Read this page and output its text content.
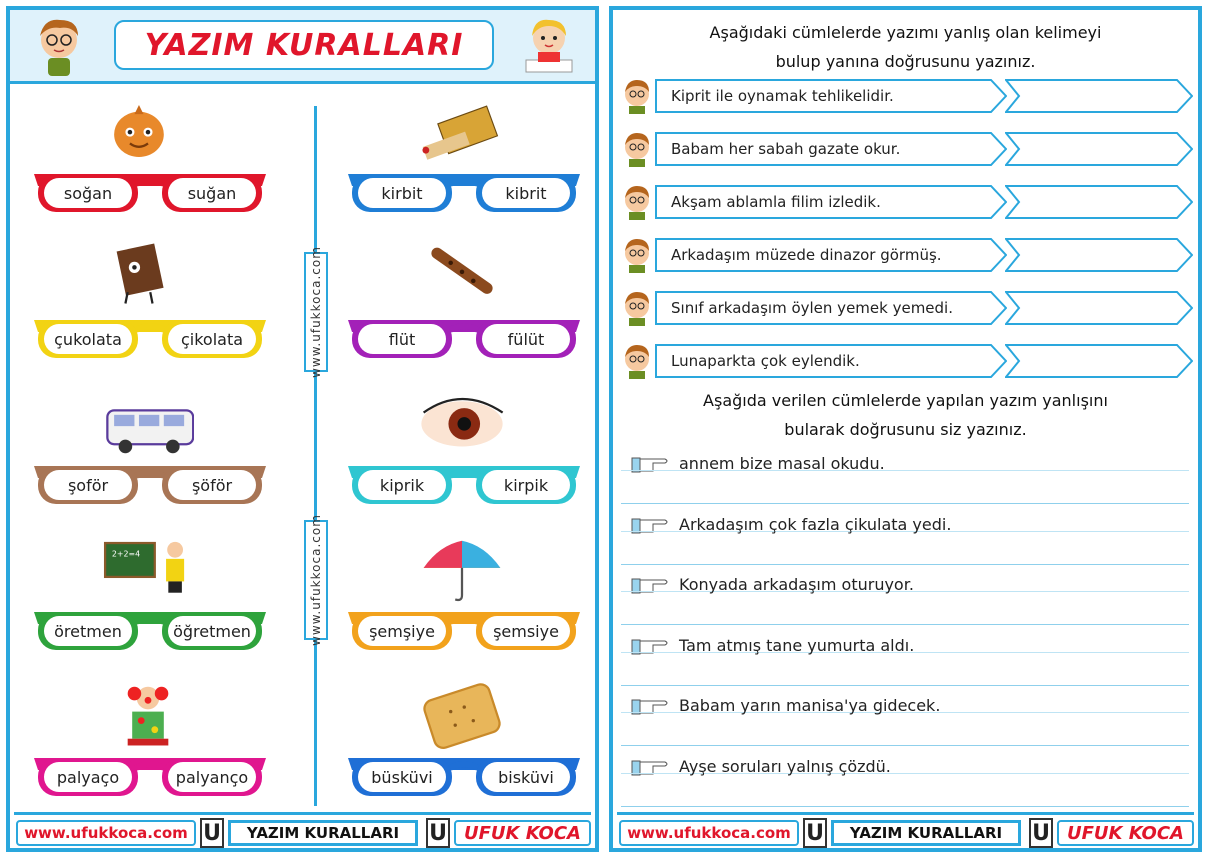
YAZIM KURALLARI
www.ufukkoca.com
www.ufukkoca.com
soğan	suğan	kirbit	kibrit
çukolata	çikolata	flüt	fülüt
şoför	şöför	kiprik	kirpik
2+2=4
öretmen	öğretmen	şemşiye	şemsiye
palyaço	palyanço	büsküvi	bisküvi
www.ufukkoca.com U	YAZIM KURALLARI	U UFUK KOCA
Aşağıdaki cümlelerde yazımı yanlış olan kelimeyi
bulup yanına doğrusunu yazınız.
Kiprit ile oynamak tehlikelidir.
Babam her sabah gazate okur.
Akşam ablamla filim izledik.
Arkadaşım müzede dinazor görmüş.
Sınıf arkadaşım öylen yemek yemedi.
Lunaparkta çok eylendik.
Aşağıda verilen cümlelerde yapılan yazım yanlışını
bularak doğrusunu siz yazınız.
annem bize masal okudu.
Arkadaşım çok fazla çikulata yedi.
Konyada arkadaşım oturuyor.
Tam atmış tane yumurta aldı.
Babam yarın manisa'ya gidecek.
Ayşe soruları yalnış çözdü.
www.ufukkoca.com U	YAZIM KURALLARI	U UFUK KOCA
